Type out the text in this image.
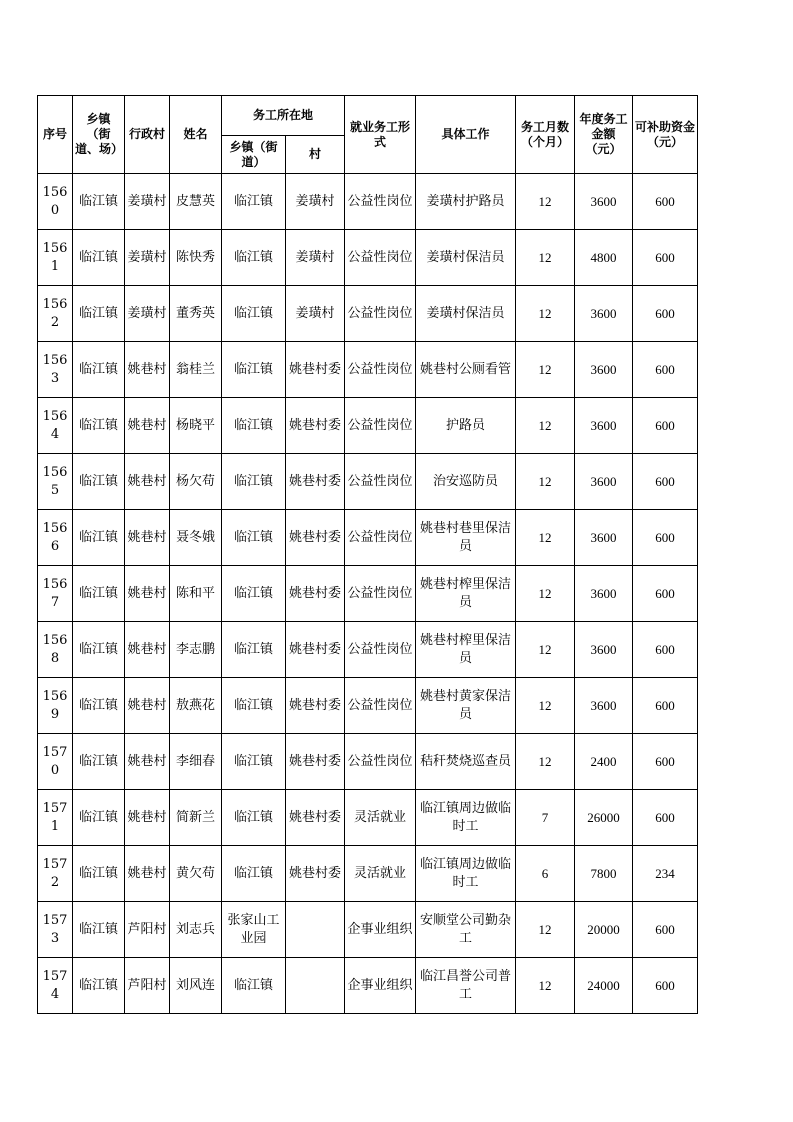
序号	乡镇（街道、场）	行政村	姓名	务工所在地		就业务工形式	具体工作	务工月数（个月）	年度务工金额（元）	可补助资金（元）
				乡镇（街道）	村					
1560	临江镇	姜璜村	皮慧英	临江镇	姜璜村	公益性岗位	姜璜村护路员	12	3600	600
1561	临江镇	姜璜村	陈快秀	临江镇	姜璜村	公益性岗位	姜璜村保洁员	12	4800	600
1562	临江镇	姜璜村	董秀英	临江镇	姜璜村	公益性岗位	姜璜村保洁员	12	3600	600
1563	临江镇	姚巷村	翁桂兰	临江镇	姚巷村委	公益性岗位	姚巷村公厕看管	12	3600	600
1564	临江镇	姚巷村	杨晓平	临江镇	姚巷村委	公益性岗位	护路员	12	3600	600
1565	临江镇	姚巷村	杨欠苟	临江镇	姚巷村委	公益性岗位	治安巡防员	12	3600	600
1566	临江镇	姚巷村	聂冬娥	临江镇	姚巷村委	公益性岗位	姚巷村巷里保洁员	12	3600	600
1567	临江镇	姚巷村	陈和平	临江镇	姚巷村委	公益性岗位	姚巷村榨里保洁员	12	3600	600
1568	临江镇	姚巷村	李志鹏	临江镇	姚巷村委	公益性岗位	姚巷村榨里保洁员	12	3600	600
1569	临江镇	姚巷村	敖燕花	临江镇	姚巷村委	公益性岗位	姚巷村黄家保洁员	12	3600	600
1570	临江镇	姚巷村	李细春	临江镇	姚巷村委	公益性岗位	秸秆焚烧巡查员	12	2400	600
1571	临江镇	姚巷村	简新兰	临江镇	姚巷村委	灵活就业	临江镇周边做临时工	7	26000	600
1572	临江镇	姚巷村	黄欠苟	临江镇	姚巷村委	灵活就业	临江镇周边做临时工	6	7800	234
1573	临江镇	芦阳村	刘志兵	张家山工业园		企事业组织	安顺堂公司勤杂工	12	20000	600
1574	临江镇	芦阳村	刘风连	临江镇		企事业组织	临江昌誉公司普工	12	24000	600
